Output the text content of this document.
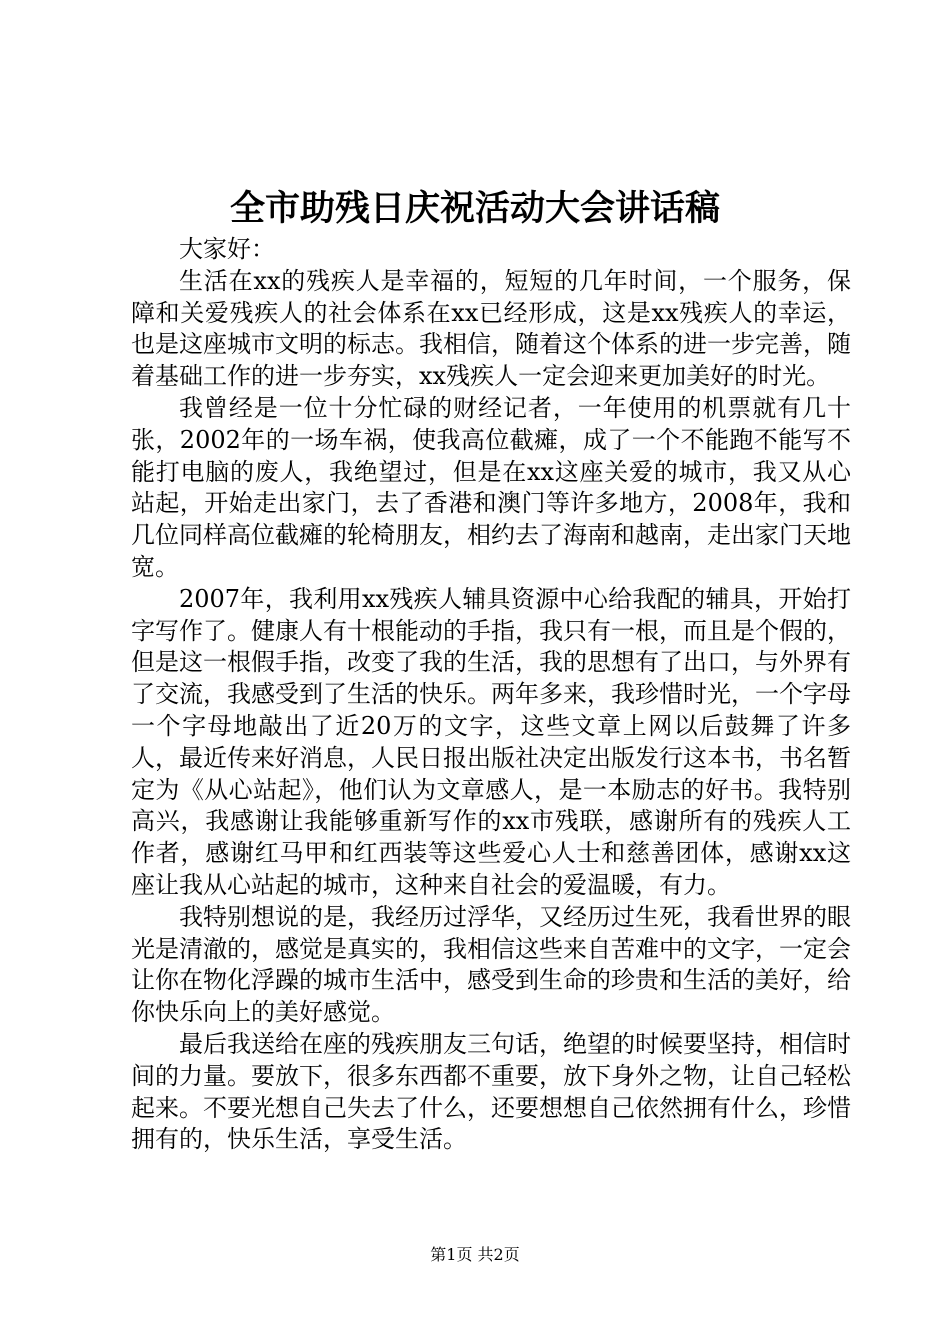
全市助残日庆祝活动大会讲话稿

大家好：

生活在xx的残疾人是幸福的，短短的几年时间，一个服务，保障和关爱残疾人的社会体系在xx已经形成，这是xx残疾人的幸运，也是这座城市文明的标志。我相信，随着这个体系的进一步完善，随着基础工作的进一步夯实，xx残疾人一定会迎来更加美好的时光。

我曾经是一位十分忙碌的财经记者，一年使用的机票就有几十张，2002年的一场车祸，使我高位截瘫，成了一个不能跑不能写不能打电脑的废人，我绝望过，但是在xx这座关爱的城市，我又从心站起，开始走出家门，去了香港和澳门等许多地方，2008年，我和几位同样高位截瘫的轮椅朋友，相约去了海南和越南，走出家门天地宽。

2007年，我利用xx残疾人辅具资源中心给我配的辅具，开始打字写作了。健康人有十根能动的手指，我只有一根，而且是个假的，但是这一根假手指，改变了我的生活，我的思想有了出口，与外界有了交流，我感受到了生活的快乐。两年多来，我珍惜时光，一个字母一个字母地敲出了近20万的文字，这些文章上网以后鼓舞了许多人，最近传来好消息，人民日报出版社决定出版发行这本书，书名暂定为《从心站起》，他们认为文章感人，是一本励志的好书。我特别高兴，我感谢让我能够重新写作的xx市残联，感谢所有的残疾人工作者，感谢红马甲和红西装等这些爱心人士和慈善团体，感谢xx这座让我从心站起的城市，这种来自社会的爱温暖，有力。

我特别想说的是，我经历过浮华，又经历过生死，我看世界的眼光是清澈的，感觉是真实的，我相信这些来自苦难中的文字，一定会让你在物化浮躁的城市生活中，感受到生命的珍贵和生活的美好，给你快乐向上的美好感觉。

最后我送给在座的残疾朋友三句话，绝望的时候要坚持，相信时间的力量。要放下，很多东西都不重要，放下身外之物，让自己轻松起来。不要光想自己失去了什么，还要想想自己依然拥有什么，珍惜拥有的，快乐生活，享受生活。

第1页 共2页
